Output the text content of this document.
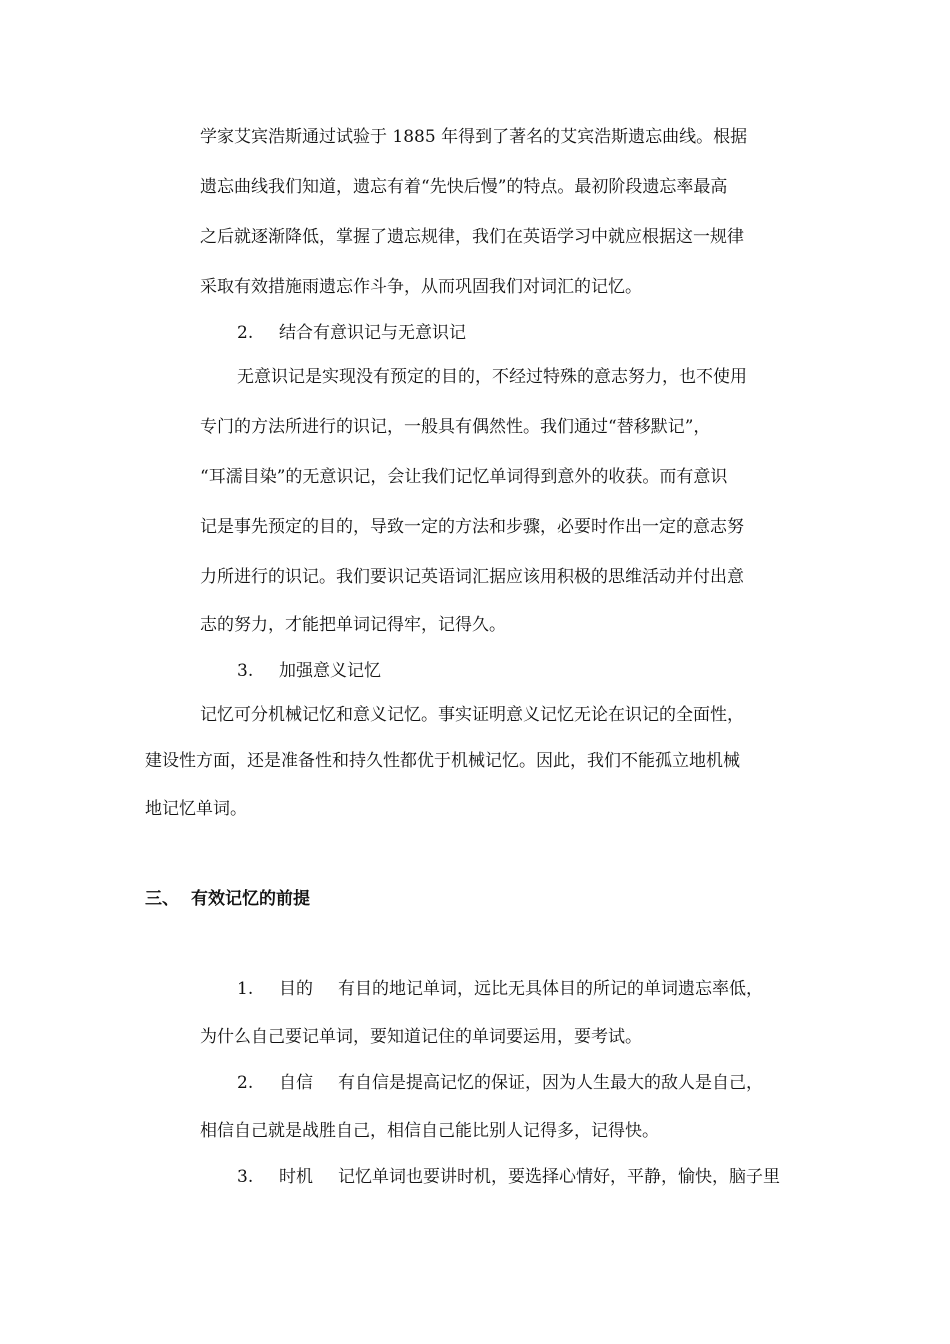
学家艾宾浩斯通过试验于 1885 年得到了著名的艾宾浩斯遗忘曲线。根据

遗忘曲线我们知道，遗忘有着“先快后慢”的特点。最初阶段遗忘率最高

之后就逐渐降低，掌握了遗忘规律，我们在英语学习中就应根据这一规律

采取有效措施雨遗忘作斗争，从而巩固我们对词汇的记忆。

2. 结合有意识记与无意识记

无意识记是实现没有预定的目的，不经过特殊的意志努力，也不使用

专门的方法所进行的识记，一般具有偶然性。我们通过“替移默记”，

“耳濡目染”的无意识记，会让我们记忆单词得到意外的收获。而有意识

记是事先预定的目的，导致一定的方法和步骤，必要时作出一定的意志努

力所进行的识记。我们要识记英语词汇据应该用积极的思维活动并付出意

志的努力，才能把单词记得牢，记得久。

3. 加强意义记忆

记忆可分机械记忆和意义记忆。事实证明意义记忆无论在识记的全面性，

建设性方面，还是准备性和持久性都优于机械记忆。因此，我们不能孤立地机械

地记忆单词。

三、 有效记忆的前提
1. 目的 有目的地记单词，远比无具体目的所记的单词遗忘率低，

为什么自己要记单词，要知道记住的单词要运用，要考试。

2. 自信 有自信是提高记忆的保证，因为人生最大的敌人是自己，

相信自己就是战胜自己，相信自己能比别人记得多，记得快。

3. 时机 记忆单词也要讲时机，要选择心情好，平静，愉快，脑子里
